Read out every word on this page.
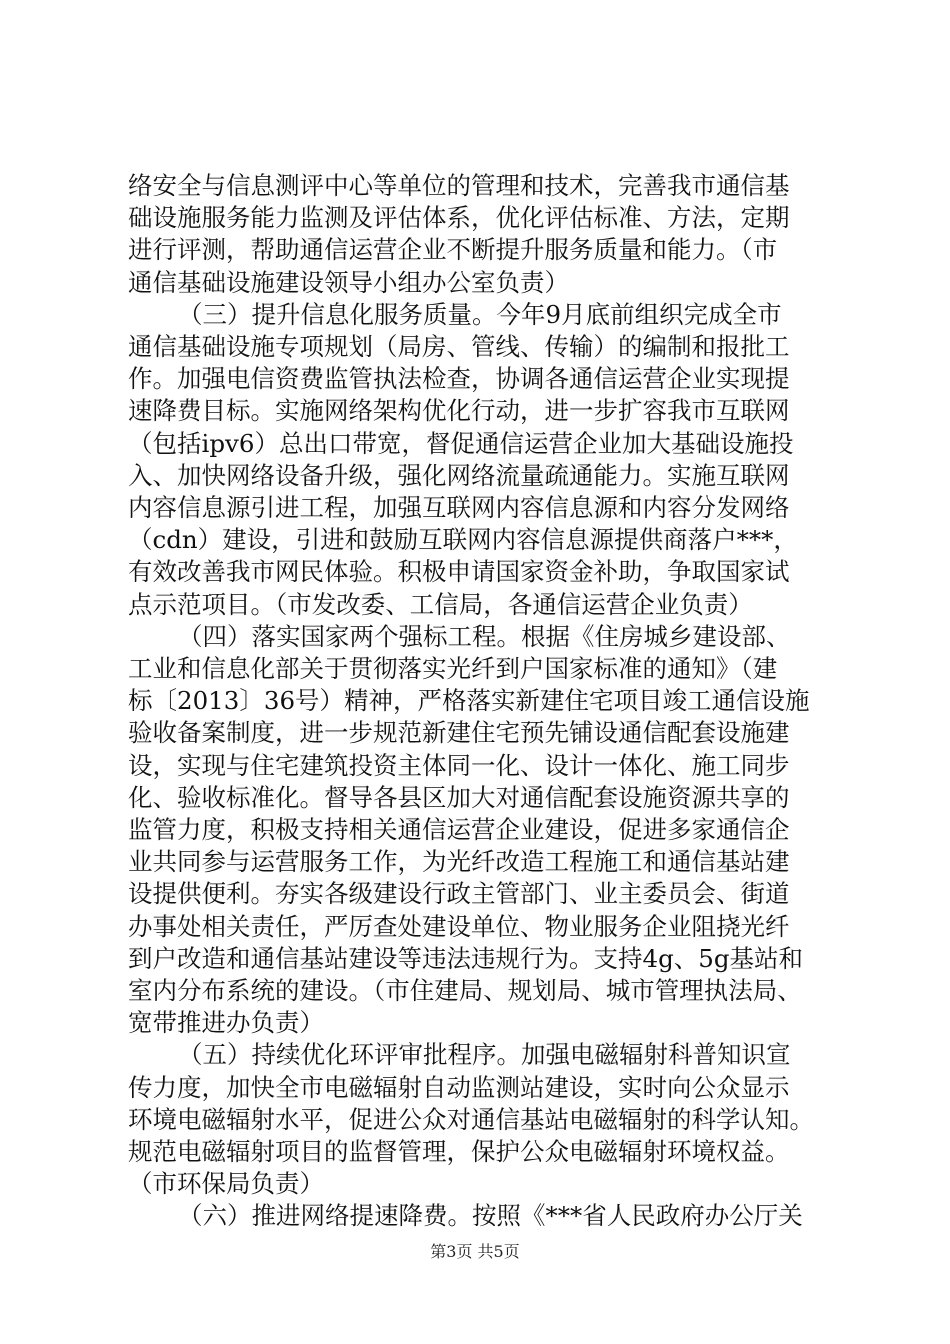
络安全与信息测评中心等单位的管理和技术，完善我市通信基
础设施服务能力监测及评估体系，优化评估标准、方法，定期
进行评测，帮助通信运营企业不断提升服务质量和能力。（市
通信基础设施建设领导小组办公室负责）
（三）提升信息化服务质量。今年9月底前组织完成全市
通信基础设施专项规划（局房、管线、传输）的编制和报批工
作。加强电信资费监管执法检查，协调各通信运营企业实现提
速降费目标。实施网络架构优化行动，进一步扩容我市互联网
（包括ipv6）总出口带宽，督促通信运营企业加大基础设施投
入、加快网络设备升级，强化网络流量疏通能力。实施互联网
内容信息源引进工程，加强互联网内容信息源和内容分发网络
（cdn）建设，引进和鼓励互联网内容信息源提供商落户***，
有效改善我市网民体验。积极申请国家资金补助，争取国家试
点示范项目。（市发改委、工信局，各通信运营企业负责）
（四）落实国家两个强标工程。根据《住房城乡建设部、
工业和信息化部关于贯彻落实光纤到户国家标准的通知》（建
标〔2013〕36号）精神，严格落实新建住宅项目竣工通信设施
验收备案制度，进一步规范新建住宅预先铺设通信配套设施建
设，实现与住宅建筑投资主体同一化、设计一体化、施工同步
化、验收标准化。督导各县区加大对通信配套设施资源共享的
监管力度，积极支持相关通信运营企业建设，促进多家通信企
业共同参与运营服务工作，为光纤改造工程施工和通信基站建
设提供便利。夯实各级建设行政主管部门、业主委员会、街道
办事处相关责任，严厉查处建设单位、物业服务企业阻挠光纤
到户改造和通信基站建设等违法违规行为。支持4g、5g基站和
室内分布系统的建设。（市住建局、规划局、城市管理执法局、
宽带推进办负责）
（五）持续优化环评审批程序。加强电磁辐射科普知识宣
传力度，加快全市电磁辐射自动监测站建设，实时向公众显示
环境电磁辐射水平，促进公众对通信基站电磁辐射的科学认知。
规范电磁辐射项目的监督管理，保护公众电磁辐射环境权益。
（市环保局负责）
（六）推进网络提速降费。按照《***省人民政府办公厅关
第3页 共5页
